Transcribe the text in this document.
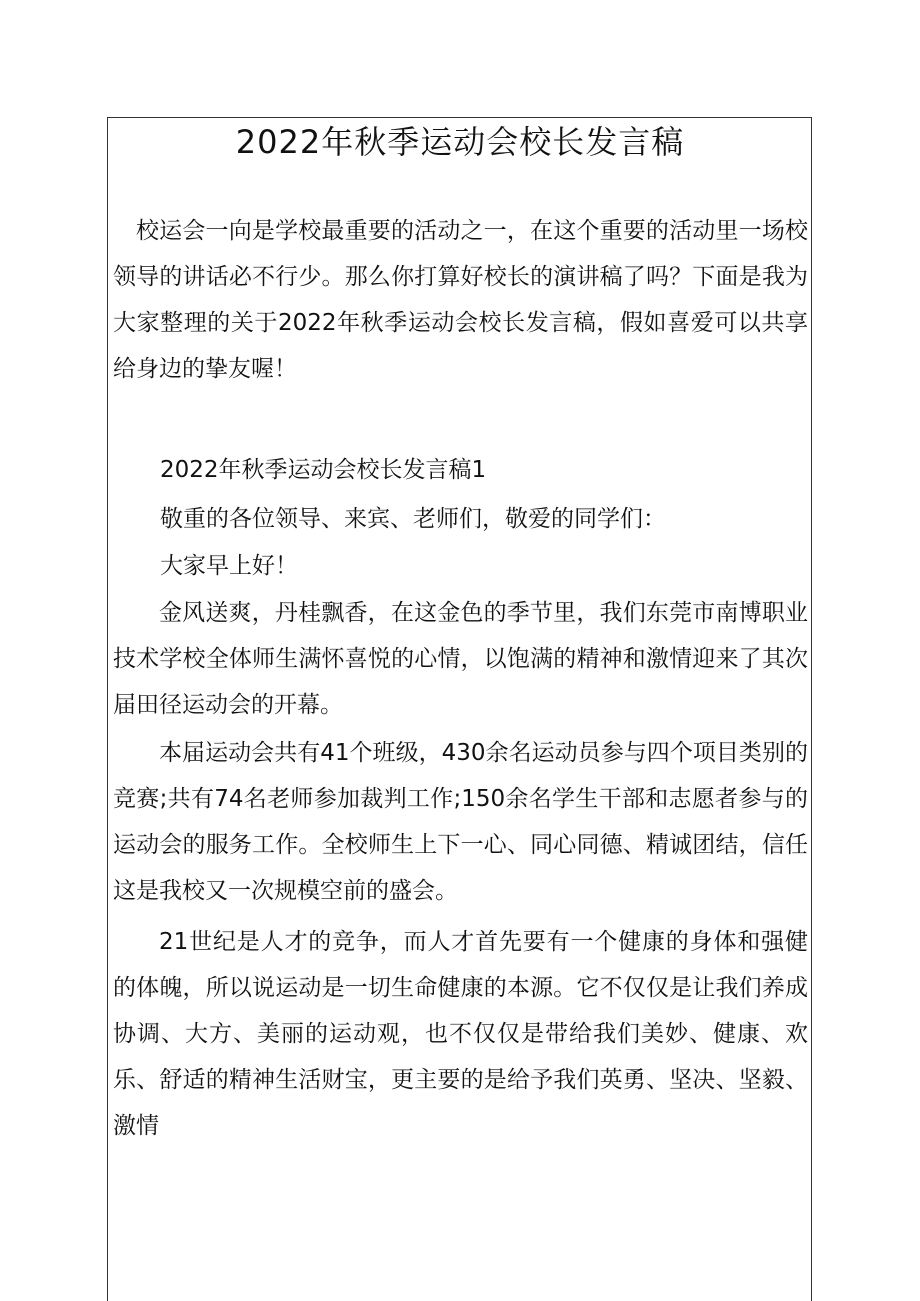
2022年秋季运动会校长发言稿

校运会一向是学校最重要的活动之一，在这个重要的活动里一场校领导的讲话必不行少。那么你打算好校长的演讲稿了吗？下面是我为大家整理的关于2022年秋季运动会校长发言稿，假如喜爱可以共享给身边的挚友喔！

2022年秋季运动会校长发言稿1

敬重的各位领导、来宾、老师们，敬爱的同学们：

大家早上好！

金风送爽，丹桂飘香，在这金色的季节里，我们东莞市南博职业技术学校全体师生满怀喜悦的心情，以饱满的精神和激情迎来了其次届田径运动会的开幕。

本届运动会共有41个班级，430余名运动员参与四个项目类别的竞赛;共有74名老师参加裁判工作;150余名学生干部和志愿者参与的运动会的服务工作。全校师生上下一心、同心同德、精诚团结，信任这是我校又一次规模空前的盛会。

21世纪是人才的竞争，而人才首先要有一个健康的身体和强健的体魄，所以说运动是一切生命健康的本源。它不仅仅是让我们养成协调、大方、美丽的运动观，也不仅仅是带给我们美妙、健康、欢乐、舒适的精神生活财宝，更主要的是给予我们英勇、坚决、坚毅、激情
